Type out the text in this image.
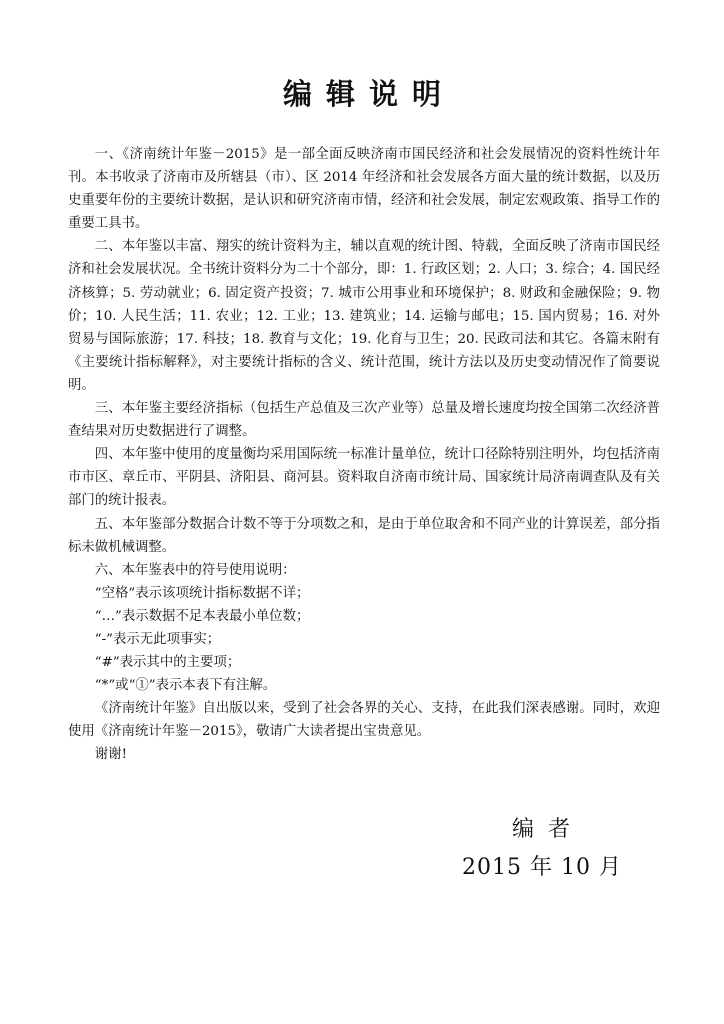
编辑说明

一、《济南统计年鉴－2015》是一部全面反映济南市国民经济和社会发展情况的资料性统计年刊。本书收录了济南市及所辖县（市）、区 2014 年经济和社会发展各方面大量的统计数据，以及历史重要年份的主要统计数据，是认识和研究济南市情，经济和社会发展，制定宏观政策、指导工作的重要工具书。

二、本年鉴以丰富、翔实的统计资料为主，辅以直观的统计图、特载，全面反映了济南市国民经济和社会发展状况。全书统计资料分为二十个部分，即：1. 行政区划；2. 人口；3. 综合；4. 国民经济核算；5. 劳动就业；6. 固定资产投资；7. 城市公用事业和环境保护；8. 财政和金融保险；9. 物价；10. 人民生活；11. 农业；12. 工业；13. 建筑业；14. 运输与邮电；15. 国内贸易；16. 对外贸易与国际旅游；17. 科技；18. 教育与文化；19. 化育与卫生；20. 民政司法和其它。各篇末附有《主要统计指标解释》，对主要统计指标的含义、统计范围，统计方法以及历史变动情况作了简要说明。

三、本年鉴主要经济指标（包括生产总值及三次产业等）总量及增长速度均按全国第二次经济普查结果对历史数据进行了调整。

四、本年鉴中使用的度量衡均采用国际统一标准计量单位，统计口径除特别注明外，均包括济南市市区、章丘市、平阴县、济阳县、商河县。资料取自济南市统计局、国家统计局济南调查队及有关部门的统计报表。

五、本年鉴部分数据合计数不等于分项数之和，是由于单位取舍和不同产业的计算误差，部分指标未做机械调整。

六、本年鉴表中的符号使用说明：

“空格”表示该项统计指标数据不详；

“…”表示数据不足本表最小单位数；

“-”表示无此项事实；

“#”表示其中的主要项；

“*”或“①”表示本表下有注解。

《济南统计年鉴》自出版以来，受到了社会各界的关心、支持，在此我们深表感谢。同时，欢迎使用《济南统计年鉴－2015》，敬请广大读者提出宝贵意见。

谢谢!

编者
2015 年 10 月
